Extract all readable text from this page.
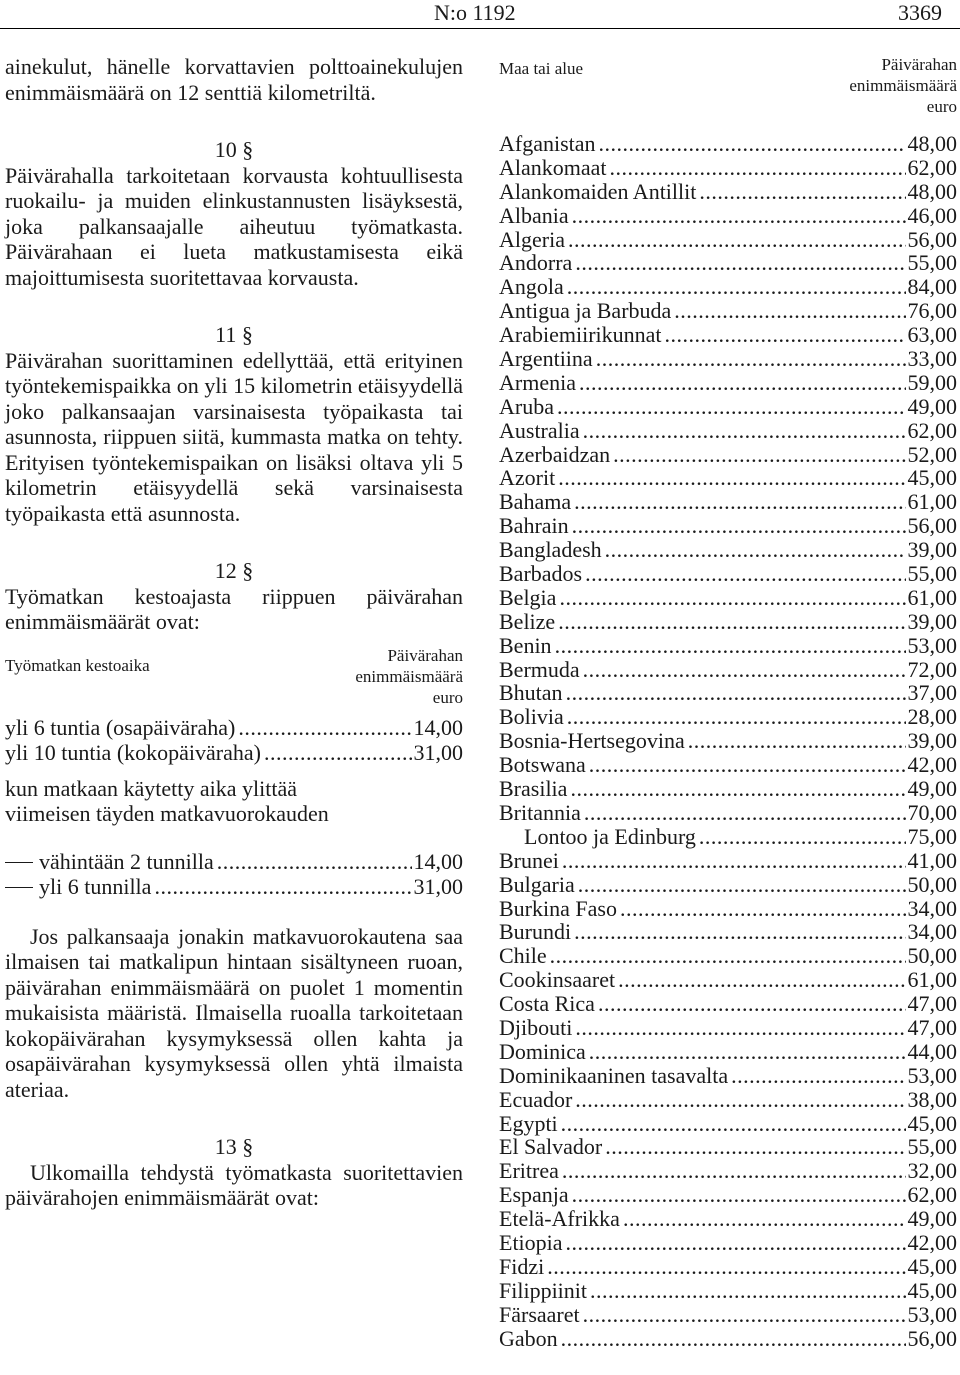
N:o 1192	3369

ainekulut, hänelle korvattavien polttoainekulujen enimmäismäärä on 12 senttiä kilometriltä.

10 §

Päivärahalla tarkoitetaan korvausta kohtuullisesta ruokailu- ja muiden elinkustannusten lisäyksestä, joka palkansaajalle aiheutuu työmatkasta. Päivärahaan ei lueta matkustamisesta eikä majoittumisesta suoritettavaa korvausta.

11 §

Päivärahan suorittaminen edellyttää, että erityinen työntekemispaikka on yli 15 kilometrin etäisyydellä joko palkansaajan varsinaisesta työpaikasta tai asunnosta, riippuen siitä, kummasta matka on tehty. Erityisen työntekemispaikan on lisäksi oltava yli 5 kilometrin etäisyydellä sekä varsinaisesta työpaikasta että asunnosta.

12 §

Työmatkan kestoajasta riippuen päivärahan enimmäismäärät ovat:

Työmatkan kestoaika
Päivärahan
enimmäismäärä
euro
yli 6 tuntia (osapäiväraha) .....	14,00
yli 10 tuntia (kokopäiväraha) .....	31,00

kun matkaan käytetty aika ylittää

viimeisen täyden matkavuorokauden

vähintään 2 tunnilla .....	14,00
yli 6 tunnilla .....	31,00

Jos palkansaaja jonakin matkavuorokautena saa ilmaisen tai matkalipun hintaan sisältyneen ruoan, päivärahan enimmäismäärä on puolet 1 momentin mukaisista määristä. Ilmaisella ruoalla tarkoitetaan kokopäivärahan kysymyksessä ollen kahta ja osapäivärahan kysymyksessä ollen yhtä ilmaista ateriaa.

13 §

Ulkomailla tehdystä työmatkasta suoritettavien päivärahojen enimmäismäärät ovat:

Maa tai alue	Päivärahan
enimmäismäärä
euro
Afganistan .....	48,00
Alankomaat .....	62,00
Alankomaiden Antillit .....	48,00
Albania .....	46,00
Algeria .....	56,00
Andorra .....	55,00
Angola .....	84,00
Antigua ja Barbuda .....	76,00
Arabiemiirikunnat .....	63,00
Argentiina .....	33,00
Armenia .....	59,00
Aruba .....	49,00
Australia .....	62,00
Azerbaidzan .....	52,00
Azorit .....	45,00
Bahama .....	61,00
Bahrain .....	56,00
Bangladesh .....	39,00
Barbados .....	55,00
Belgia .....	61,00
Belize .....	39,00
Benin .....	53,00
Bermuda .....	72,00
Bhutan .....	37,00
Bolivia .....	28,00
Bosnia-Hertsegovina .....	39,00
Botswana .....	42,00
Brasilia .....	49,00
Britannia .....	70,00
Lontoo ja Edinburg .....	75,00
Brunei .....	41,00
Bulgaria .....	50,00
Burkina Faso .....	34,00
Burundi .....	34,00
Chile .....	50,00
Cookinsaaret .....	61,00
Costa Rica .....	47,00
Djibouti .....	47,00
Dominica .....	44,00
Dominikaaninen tasavalta .....	53,00
Ecuador .....	38,00
Egypti .....	45,00
El Salvador .....	55,00
Eritrea .....	32,00
Espanja .....	62,00
Etelä-Afrikka .....	49,00
Etiopia .....	42,00
Fidzi .....	45,00
Filippiinit .....	45,00
Färsaaret .....	53,00
Gabon .....	56,00
